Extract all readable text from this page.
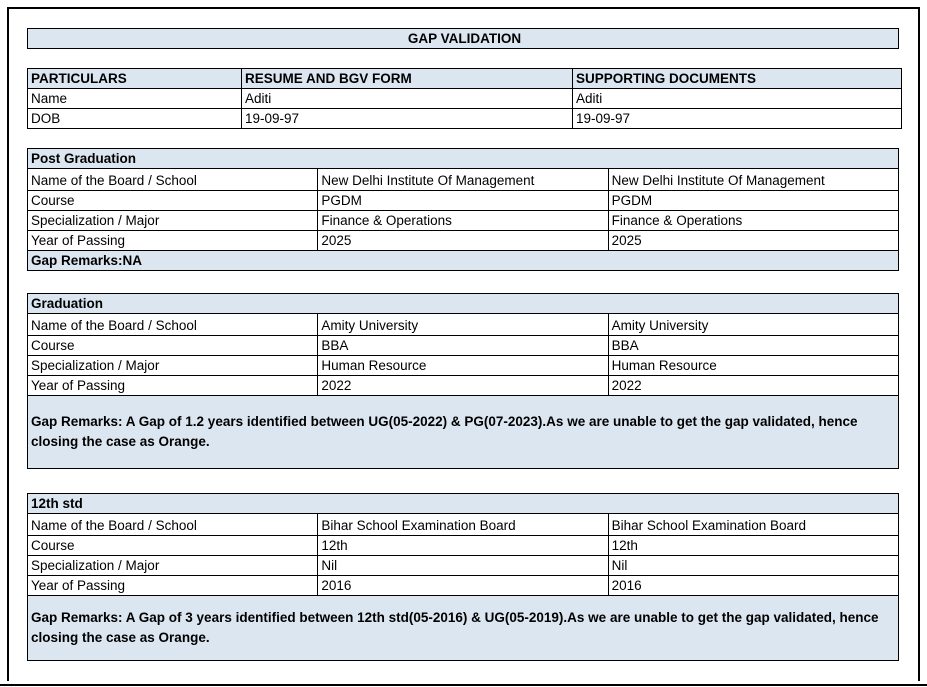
GAP VALIDATION
PARTICULARS	RESUME AND BGV FORM	SUPPORTING DOCUMENTS
Name	Aditi	Aditi
DOB	19-09-97	19-09-97
Post Graduation		
Name of the Board / School	New Delhi Institute Of Management	New Delhi Institute Of Management
Course	PGDM	PGDM
Specialization / Major	Finance & Operations	Finance & Operations
Year of Passing	2025	2025
Gap Remarks:NA		
Graduation		
Name of the Board / School	Amity University	Amity University
Course	BBA	BBA
Specialization / Major	Human Resource	Human Resource
Year of Passing	2022	2022
Gap Remarks: A Gap of 1.2 years identified between UG(05-2022) & PG(07-2023).As we are unable to get the gap validated, hence closing the case as Orange.		
12th std		
Name of the Board / School	Bihar School Examination Board	Bihar School Examination Board
Course	12th	12th
Specialization / Major	Nil	Nil
Year of Passing	2016	2016
Gap Remarks: A Gap of 3 years identified between 12th std(05-2016) & UG(05-2019).As we are unable to get the gap validated, hence closing the case as Orange.		
